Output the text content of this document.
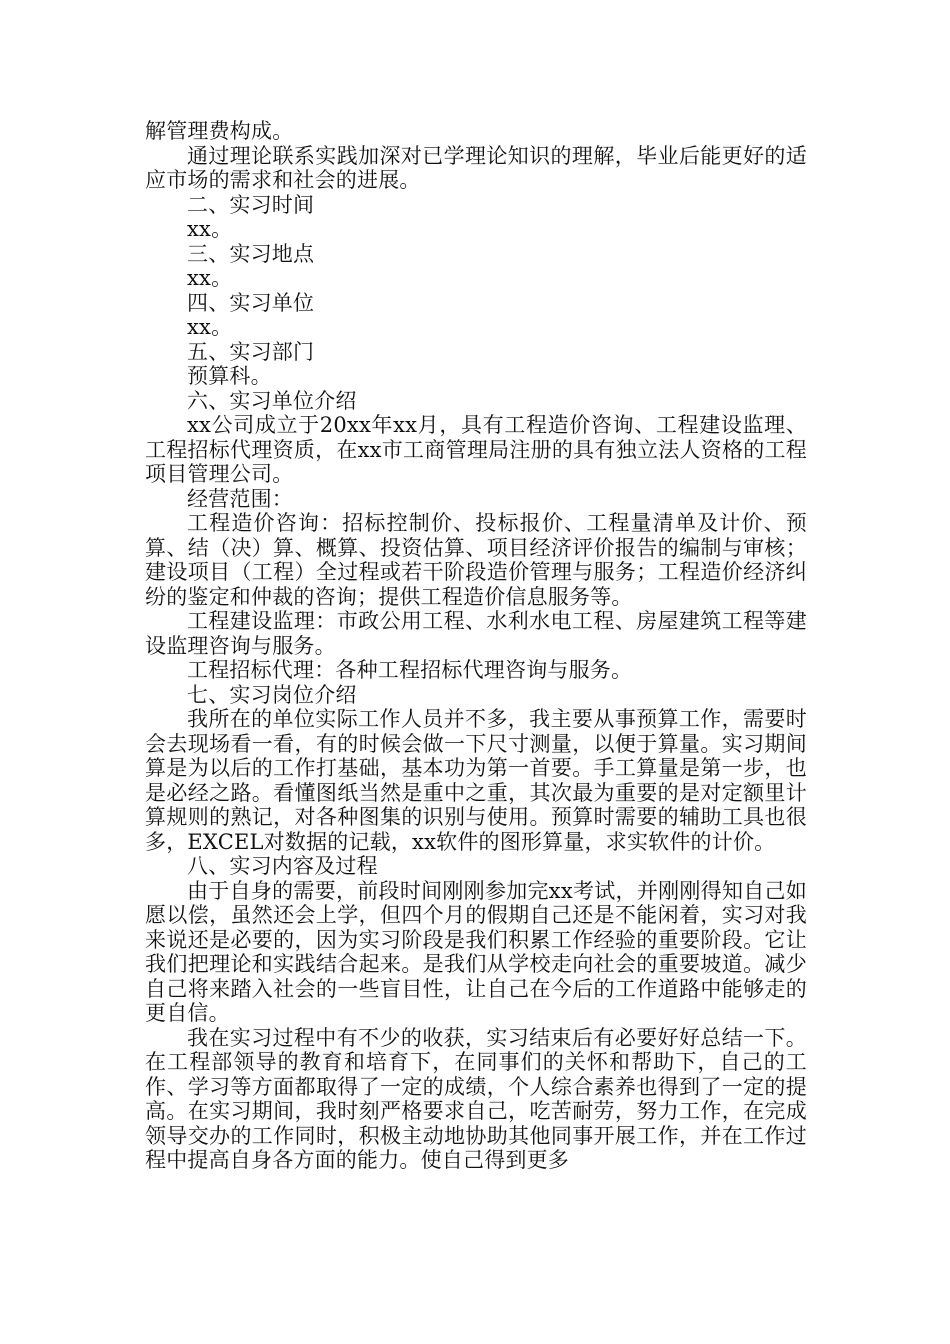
解管理费构成。

通过理论联系实践加深对已学理论知识的理解，毕业后能更好的适应市场的需求和社会的进展。

二、实习时间

xx。

三、实习地点

xx。

四、实习单位

xx。

五、实习部门

预算科。

六、实习单位介绍

xx公司成立于20xx年xx月，具有工程造价咨询、工程建设监理、工程招标代理资质，在xx市工商管理局注册的具有独立法人资格的工程项目管理公司。

经营范围：

工程造价咨询：招标控制价、投标报价、工程量清单及计价、预算、结（决）算、概算、投资估算、项目经济评价报告的编制与审核；建设项目（工程）全过程或若干阶段造价管理与服务；工程造价经济纠纷的鉴定和仲裁的咨询；提供工程造价信息服务等。

工程建设监理：市政公用工程、水利水电工程、房屋建筑工程等建设监理咨询与服务。

工程招标代理：各种工程招标代理咨询与服务。

七、实习岗位介绍

我所在的单位实际工作人员并不多，我主要从事预算工作，需要时会去现场看一看，有的时候会做一下尺寸测量，以便于算量。实习期间算是为以后的工作打基础，基本功为第一首要。手工算量是第一步，也是必经之路。看懂图纸当然是重中之重，其次最为重要的是对定额里计算规则的熟记，对各种图集的识别与使用。预算时需要的辅助工具也很多，EXCEL对数据的记载，xx软件的图形算量，求实软件的计价。

八、实习内容及过程

由于自身的需要，前段时间刚刚参加完xx考试，并刚刚得知自己如愿以偿，虽然还会上学，但四个月的假期自己还是不能闲着，实习对我来说还是必要的，因为实习阶段是我们积累工作经验的重要阶段。它让我们把理论和实践结合起来。是我们从学校走向社会的重要坡道。减少自己将来踏入社会的一些盲目性，让自己在今后的工作道路中能够走的更自信。

我在实习过程中有不少的收获，实习结束后有必要好好总结一下。在工程部领导的教育和培育下，在同事们的关怀和帮助下，自己的工作、学习等方面都取得了一定的成绩，个人综合素养也得到了一定的提高。在实习期间，我时刻严格要求自己，吃苦耐劳，努力工作，在完成领导交办的工作同时，积极主动地协助其他同事开展工作，并在工作过程中提高自身各方面的能力。使自己得到更多
